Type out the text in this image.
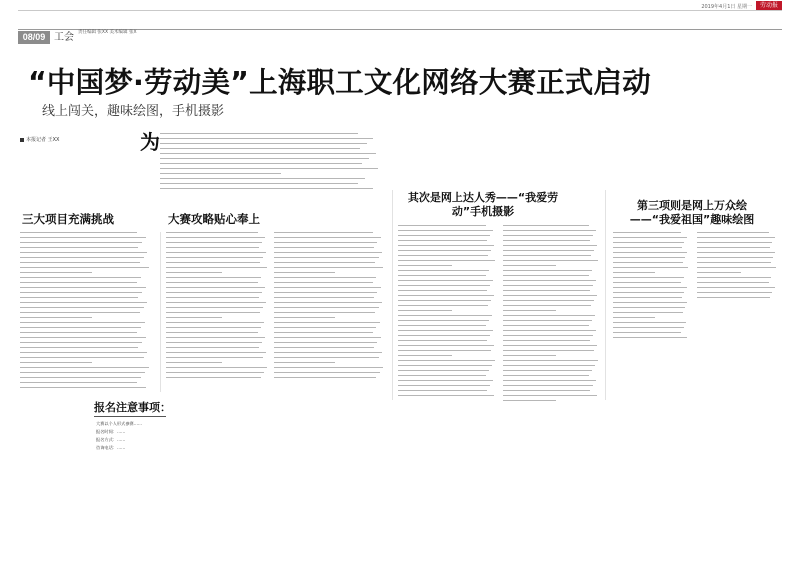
2019年4月1日 星期一	劳动报
08/09 工会 责任编辑 张XX 美术编辑 张X
“中国梦·劳动美”上海职工文化网络大赛正式启动
线上闯关，趣味绘图，手机摄影
本报记者 王XX	为
三大项目充满挑战	大赛攻略贴心奉上
其次是网上达人秀——“我爱劳动”手机摄影	第三项则是网上万众绘——“我爱祖国”趣味绘图
报名注意事项：
大赛以个人形式参赛……
报名时间：……
报名方式：……
咨询电话：……
